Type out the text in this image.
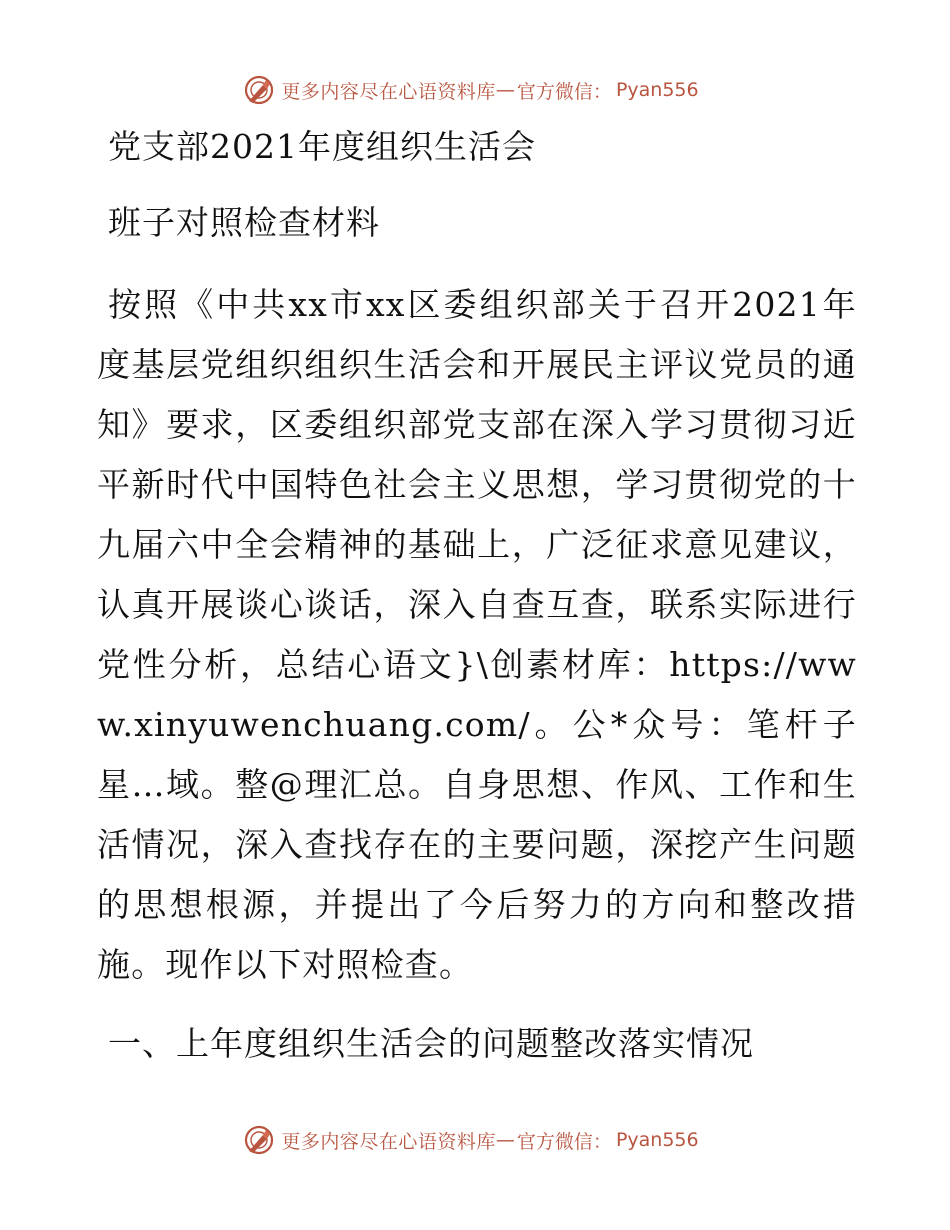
更多内容尽在心语资料库 — 官方微信： Pyan556

党支部2021年度组织生活会

班子对照检查材料

按照《中共xx市xx区委组织部关于召开2021年度基层党组织组织生活会和开展民主评议党员的通知》要求，区委组织部党支部在深入学习贯彻习近平新时代中国特色社会主义思想，学习贯彻党的十九届六中全会精神的基础上，广泛征求意见建议，认真开展谈心谈话，深入自查互查，联系实际进行党性分析，总结心语文}\创素材库：https://www.xinyuwenchuang.com/。公*众号：笔杆子星…域。整@理汇总。自身思想、作风、工作和生活情况，深入查找存在的主要问题，深挖产生问题的思想根源，并提出了今后努力的方向和整改措施。现作以下对照检查。

一、上年度组织生活会的问题整改落实情况

更多内容尽在心语资料库 — 官方微信： Pyan556
